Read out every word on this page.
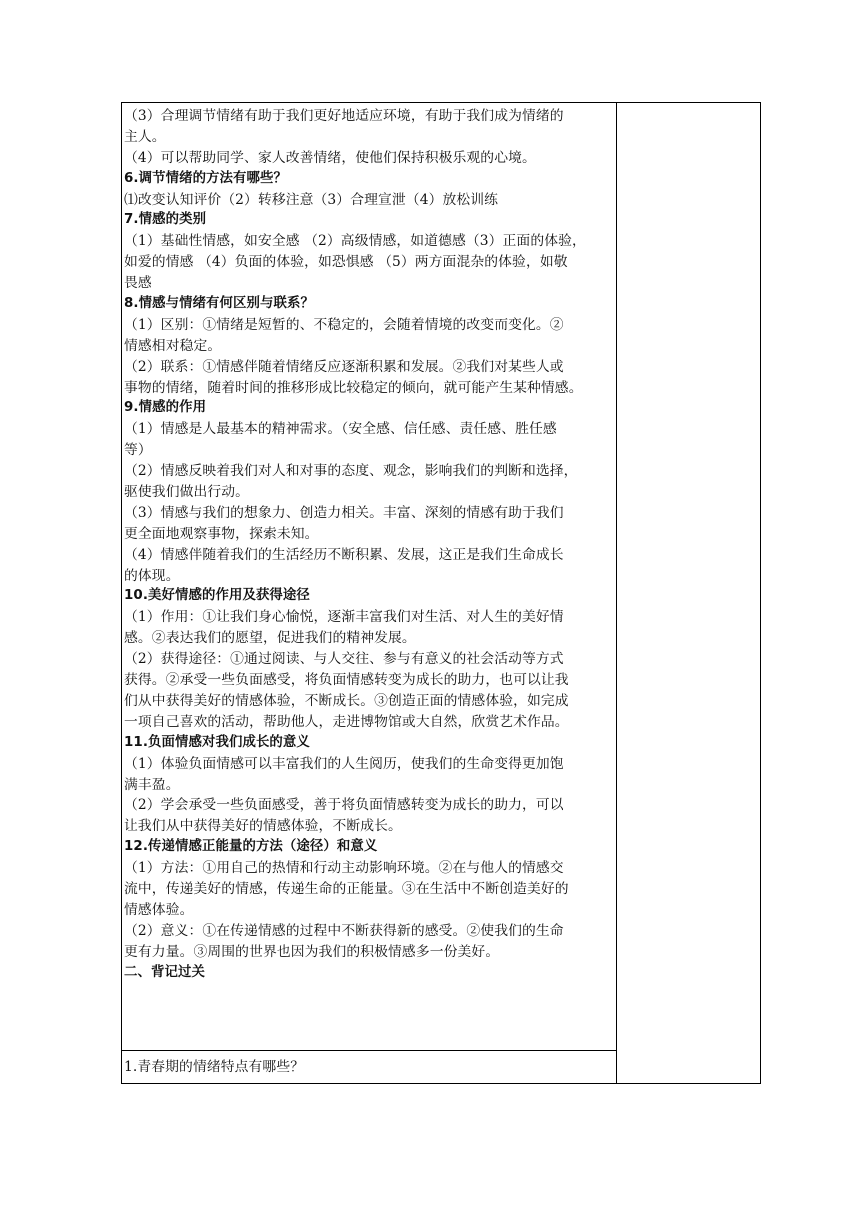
（3）合理调节情绪有助于我们更好地适应环境，有助于我们成为情绪的
主人。
（4）可以帮助同学、家人改善情绪，使他们保持积极乐观的心境。
6.调节情绪的方法有哪些？
⑴改变认知评价（2）转移注意（3）合理宣泄（4）放松训练
7.情感的类别
（1）基础性情感，如安全感 （2）高级情感，如道德感（3）正面的体验，
如爱的情感 （4）负面的体验，如恐惧感 （5）两方面混杂的体验，如敬
畏感
8.情感与情绪有何区别与联系？
（1）区别：①情绪是短暂的、不稳定的，会随着情境的改变而变化。②
情感相对稳定。
（2）联系：①情感伴随着情绪反应逐渐积累和发展。②我们对某些人或
事物的情绪，随着时间的推移形成比较稳定的倾向，就可能产生某种情感。
9.情感的作用
（1）情感是人最基本的精神需求。（安全感、信任感、责任感、胜任感
等）
（2）情感反映着我们对人和对事的态度、观念，影响我们的判断和选择，
驱使我们做出行动。
（3）情感与我们的想象力、创造力相关。丰富、深刻的情感有助于我们
更全面地观察事物，探索未知。
（4）情感伴随着我们的生活经历不断积累、发展，这正是我们生命成长
的体现。
10.美好情感的作用及获得途径
（1）作用：①让我们身心愉悦，逐渐丰富我们对生活、对人生的美好情
感。②表达我们的愿望，促进我们的精神发展。
（2）获得途径：①通过阅读、与人交往、参与有意义的社会活动等方式
获得。②承受一些负面感受，将负面情感转变为成长的助力，也可以让我
们从中获得美好的情感体验，不断成长。③创造正面的情感体验，如完成
一项自己喜欢的活动，帮助他人，走进博物馆或大自然，欣赏艺术作品。
11.负面情感对我们成长的意义
（1）体验负面情感可以丰富我们的人生阅历，使我们的生命变得更加饱
满丰盈。
（2）学会承受一些负面感受，善于将负面情感转变为成长的助力，可以
让我们从中获得美好的情感体验，不断成长。
12.传递情感正能量的方法（途径）和意义
（1）方法：①用自己的热情和行动主动影响环境。②在与他人的情感交
流中，传递美好的情感，传递生命的正能量。③在生活中不断创造美好的
情感体验。
（2）意义：①在传递情感的过程中不断获得新的感受。②使我们的生命
更有力量。③周围的世界也因为我们的积极情感多一份美好。
二、背记过关
1.青春期的情绪特点有哪些？
